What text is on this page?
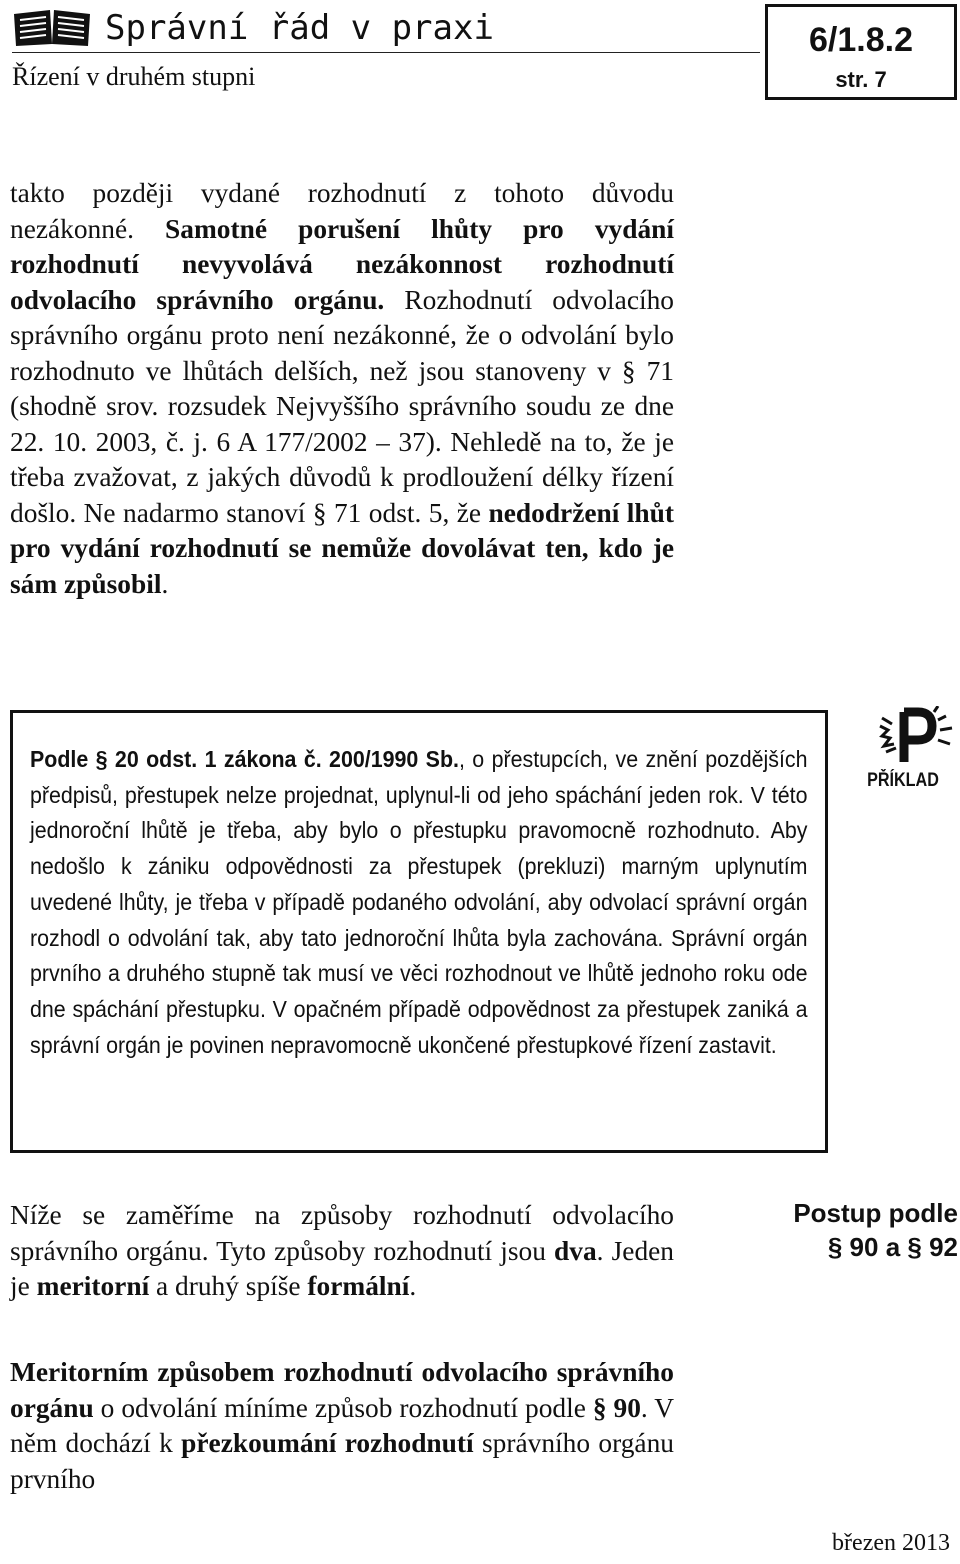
Správní řád v praxi
Řízení v druhém stupni
6/1.8.2
str. 7
takto později vydané rozhodnutí z tohoto důvodu nezákonné. Samotné porušení lhůty pro vydání rozhodnutí nevyvolává nezákonnost rozhodnutí odvolacího správního orgánu. Rozhodnutí odvolacího správního orgánu proto není nezákonné, že o odvolání bylo rozhodnuto ve lhůtách delších, než jsou stanoveny v § 71 (shodně srov. rozsudek Nejvyššího správního soudu ze dne 22. 10. 2003, č. j. 6 A 177/2002 – 37). Nehledě na to, že je třeba zvažovat, z jakých důvodů k prodloužení délky řízení došlo. Ne nadarmo stanoví § 71 odst. 5, že nedodržení lhůt pro vydání rozhodnutí se nemůže dovolávat ten, kdo je sám způsobil.
Podle § 20 odst. 1 zákona č. 200/1990 Sb., o přestupcích, ve znění pozdějších předpisů, přestupek nelze projednat, uplynul-li od jeho spáchání jeden rok. V této jednoroční lhůtě je třeba, aby bylo o přestupku pravomocně rozhodnuto. Aby nedošlo k zániku odpovědnosti za přestupek (prekluzi) marným uplynutím uvedené lhůty, je třeba v případě podaného odvolání, aby odvolací správní orgán rozhodl o odvolání tak, aby tato jednoroční lhůta byla zachována. Správní orgán prvního a druhého stupně tak musí ve věci rozhodnout ve lhůtě jednoho roku ode dne spáchání přestupku. V opačném případě odpovědnost za přestupek zaniká a správní orgán je povinen nepravomocně ukončené přestupkové řízení zastavit.
PŘÍKLAD
Postup podle
§ 90 a § 92
Níže se zaměříme na způsoby rozhodnutí odvolacího správního orgánu. Tyto způsoby rozhodnutí jsou dva. Jeden je meritorní a druhý spíše formální.
Meritorním způsobem rozhodnutí odvolacího správního orgánu o odvolání míníme způsob rozhodnutí podle § 90. V něm dochází k přezkoumání rozhodnutí správního orgánu prvního
březen 2013
